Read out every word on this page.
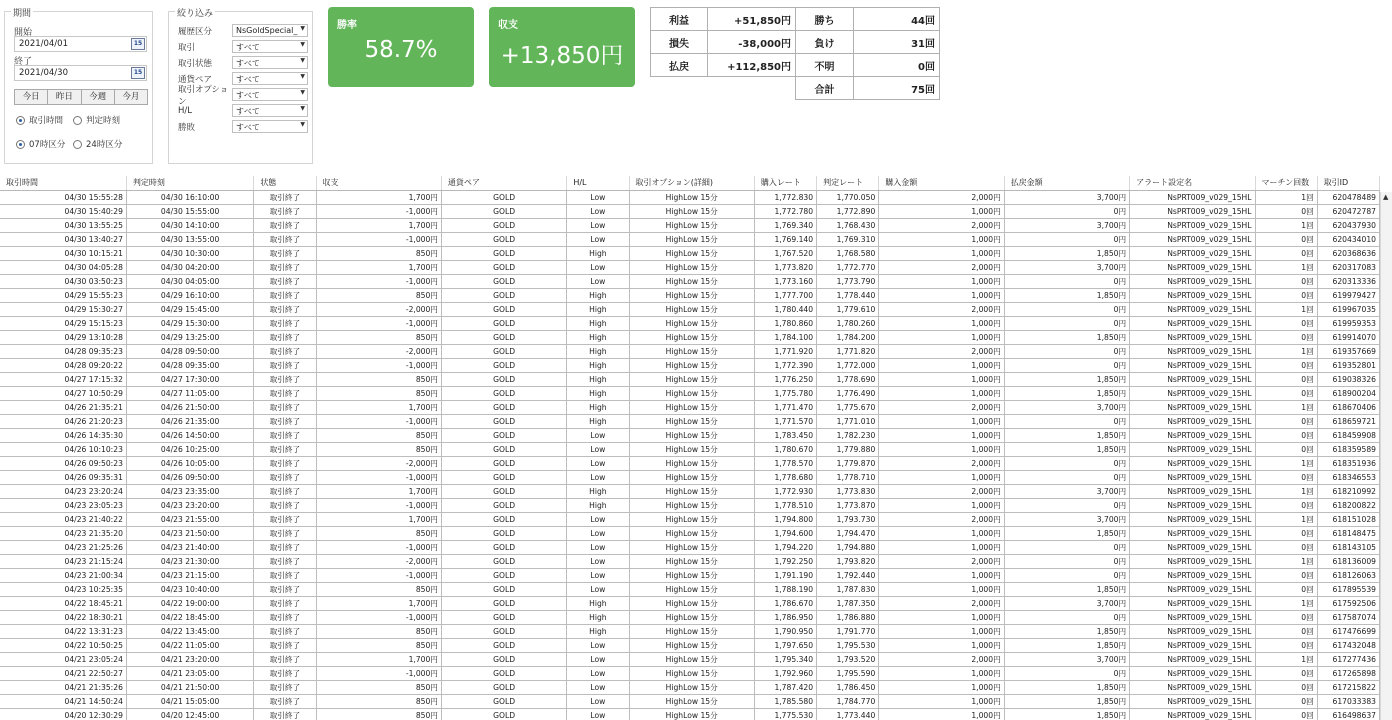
期間
開始
2021/04/01	15
終了
2021/04/30	15
今日	昨日	今週	今月
取引時間	判定時刻
07時区分 24時区分
絞り込み
履歴区分	NsGoldSpecial_ ▼
取引	すべて	▼
取引状態	すべて	▼
通貨ペア	すべて	▼
取引オプション
すべて	▼
H/L	すべて	▼
勝敗	すべて	▼
勝率
58.7%
収支
+13,850円
利益	+51,850円	勝ち	44回
損失	-38,000円	負け	31回
払戻	+112,850円	不明	0回
		合計	75回
取引時間	判定時刻	状態	収支	通貨ペア	H/L	取引オプション(詳細)	購入レート	判定レート	購入金額	払戻金額	アラート設定名	マーチン回数	取引ID
04/30 15:55:28	04/30 16:10:00	取引終了	1,700円	GOLD	Low	HighLow 15分	1,772.830	1,770.050	2,000円	3,700円	NsPRT009_v029_15HL	1回	620478489
04/30 15:40:29	04/30 15:55:00	取引終了	-1,000円	GOLD	Low	HighLow 15分	1,772.780	1,772.890	1,000円	0円	NsPRT009_v029_15HL	0回	620472787
04/30 13:55:25	04/30 14:10:00	取引終了	1,700円	GOLD	Low	HighLow 15分	1,769.340	1,768.430	2,000円	3,700円	NsPRT009_v029_15HL	1回	620437930
04/30 13:40:27	04/30 13:55:00	取引終了	-1,000円	GOLD	Low	HighLow 15分	1,769.140	1,769.310	1,000円	0円	NsPRT009_v029_15HL	0回	620434010
04/30 10:15:21	04/30 10:30:00	取引終了	850円	GOLD	High	HighLow 15分	1,767.520	1,768.580	1,000円	1,850円	NsPRT009_v029_15HL	0回	620368636
04/30 04:05:28	04/30 04:20:00	取引終了	1,700円	GOLD	Low	HighLow 15分	1,773.820	1,772.770	2,000円	3,700円	NsPRT009_v029_15HL	1回	620317083
04/30 03:50:23	04/30 04:05:00	取引終了	-1,000円	GOLD	Low	HighLow 15分	1,773.160	1,773.790	1,000円	0円	NsPRT009_v029_15HL	0回	620313336
04/29 15:55:23	04/29 16:10:00	取引終了	850円	GOLD	High	HighLow 15分	1,777.700	1,778.440	1,000円	1,850円	NsPRT009_v029_15HL	0回	619979427
04/29 15:30:27	04/29 15:45:00	取引終了	-2,000円	GOLD	High	HighLow 15分	1,780.440	1,779.610	2,000円	0円	NsPRT009_v029_15HL	1回	619967035
04/29 15:15:23	04/29 15:30:00	取引終了	-1,000円	GOLD	High	HighLow 15分	1,780.860	1,780.260	1,000円	0円	NsPRT009_v029_15HL	0回	619959353
04/29 13:10:28	04/29 13:25:00	取引終了	850円	GOLD	High	HighLow 15分	1,784.100	1,784.200	1,000円	1,850円	NsPRT009_v029_15HL	0回	619914070
04/28 09:35:23	04/28 09:50:00	取引終了	-2,000円	GOLD	High	HighLow 15分	1,771.920	1,771.820	2,000円	0円	NsPRT009_v029_15HL	1回	619357669
04/28 09:20:22	04/28 09:35:00	取引終了	-1,000円	GOLD	High	HighLow 15分	1,772.390	1,772.000	1,000円	0円	NsPRT009_v029_15HL	0回	619352801
04/27 17:15:32	04/27 17:30:00	取引終了	850円	GOLD	High	HighLow 15分	1,776.250	1,778.690	1,000円	1,850円	NsPRT009_v029_15HL	0回	619038326
04/27 10:50:29	04/27 11:05:00	取引終了	850円	GOLD	High	HighLow 15分	1,775.780	1,776.490	1,000円	1,850円	NsPRT009_v029_15HL	0回	618900204
04/26 21:35:21	04/26 21:50:00	取引終了	1,700円	GOLD	High	HighLow 15分	1,771.470	1,775.670	2,000円	3,700円	NsPRT009_v029_15HL	1回	618670406
04/26 21:20:23	04/26 21:35:00	取引終了	-1,000円	GOLD	High	HighLow 15分	1,771.570	1,771.010	1,000円	0円	NsPRT009_v029_15HL	0回	618659721
04/26 14:35:30	04/26 14:50:00	取引終了	850円	GOLD	Low	HighLow 15分	1,783.450	1,782.230	1,000円	1,850円	NsPRT009_v029_15HL	0回	618459908
04/26 10:10:23	04/26 10:25:00	取引終了	850円	GOLD	Low	HighLow 15分	1,780.670	1,779.880	1,000円	1,850円	NsPRT009_v029_15HL	0回	618359589
04/26 09:50:23	04/26 10:05:00	取引終了	-2,000円	GOLD	Low	HighLow 15分	1,778.570	1,779.870	2,000円	0円	NsPRT009_v029_15HL	1回	618351936
04/26 09:35:31	04/26 09:50:00	取引終了	-1,000円	GOLD	Low	HighLow 15分	1,778.680	1,778.710	1,000円	0円	NsPRT009_v029_15HL	0回	618346553
04/23 23:20:24	04/23 23:35:00	取引終了	1,700円	GOLD	High	HighLow 15分	1,772.930	1,773.830	2,000円	3,700円	NsPRT009_v029_15HL	1回	618210992
04/23 23:05:23	04/23 23:20:00	取引終了	-1,000円	GOLD	High	HighLow 15分	1,778.510	1,773.870	1,000円	0円	NsPRT009_v029_15HL	0回	618200822
04/23 21:40:22	04/23 21:55:00	取引終了	1,700円	GOLD	Low	HighLow 15分	1,794.800	1,793.730	2,000円	3,700円	NsPRT009_v029_15HL	1回	618151028
04/23 21:35:20	04/23 21:50:00	取引終了	850円	GOLD	Low	HighLow 15分	1,794.600	1,794.470	1,000円	1,850円	NsPRT009_v029_15HL	0回	618148475
04/23 21:25:26	04/23 21:40:00	取引終了	-1,000円	GOLD	Low	HighLow 15分	1,794.220	1,794.880	1,000円	0円	NsPRT009_v029_15HL	0回	618143105
04/23 21:15:24	04/23 21:30:00	取引終了	-2,000円	GOLD	Low	HighLow 15分	1,792.250	1,793.820	2,000円	0円	NsPRT009_v029_15HL	1回	618136009
04/23 21:00:34	04/23 21:15:00	取引終了	-1,000円	GOLD	Low	HighLow 15分	1,791.190	1,792.440	1,000円	0円	NsPRT009_v029_15HL	0回	618126063
04/23 10:25:35	04/23 10:40:00	取引終了	850円	GOLD	Low	HighLow 15分	1,788.190	1,787.830	1,000円	1,850円	NsPRT009_v029_15HL	0回	617895539
04/22 18:45:21	04/22 19:00:00	取引終了	1,700円	GOLD	High	HighLow 15分	1,786.670	1,787.350	2,000円	3,700円	NsPRT009_v029_15HL	1回	617592506
04/22 18:30:21	04/22 18:45:00	取引終了	-1,000円	GOLD	High	HighLow 15分	1,786.950	1,786.880	1,000円	0円	NsPRT009_v029_15HL	0回	617587074
04/22 13:31:23	04/22 13:45:00	取引終了	850円	GOLD	High	HighLow 15分	1,790.950	1,791.770	1,000円	1,850円	NsPRT009_v029_15HL	0回	617476699
04/22 10:50:25	04/22 11:05:00	取引終了	850円	GOLD	Low	HighLow 15分	1,797.650	1,795.530	1,000円	1,850円	NsPRT009_v029_15HL	0回	617432048
04/21 23:05:24	04/21 23:20:00	取引終了	1,700円	GOLD	Low	HighLow 15分	1,795.340	1,793.520	2,000円	3,700円	NsPRT009_v029_15HL	1回	617277436
04/21 22:50:27	04/21 23:05:00	取引終了	-1,000円	GOLD	Low	HighLow 15分	1,792.960	1,795.590	1,000円	0円	NsPRT009_v029_15HL	0回	617265898
04/21 21:35:26	04/21 21:50:00	取引終了	850円	GOLD	Low	HighLow 15分	1,787.420	1,786.450	1,000円	1,850円	NsPRT009_v029_15HL	0回	617215822
04/21 14:50:24	04/21 15:05:00	取引終了	850円	GOLD	Low	HighLow 15分	1,785.580	1,784.770	1,000円	1,850円	NsPRT009_v029_15HL	0回	617033383
04/20 12:30:29	04/20 12:45:00	取引終了	850円	GOLD	Low	HighLow 15分	1,775.530	1,773.440	1,000円	1,850円	NsPRT009_v029_15HL	0回	616498637
▲
